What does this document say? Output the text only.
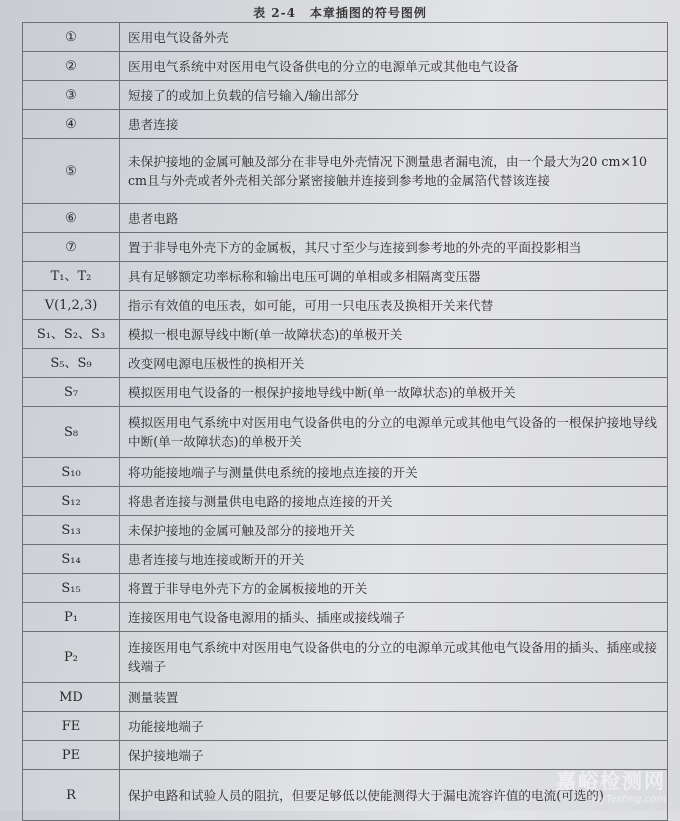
表 2-4 本章插图的符号图例
①	医用电气设备外壳
②	医用电气系统中对医用电气设备供电的分立的电源单元或其他电气设备
③	短接了的或加上负载的信号输入/输出部分
④	患者连接
⑤	未保护接地的金属可触及部分在非导电外壳情况下测量患者漏电流，由一个最大为20 cm×10 cm且与外壳或者外壳相关部分紧密接触并连接到参考地的金属箔代替该连接
⑥	患者电路
⑦	置于非导电外壳下方的金属板，其尺寸至少与连接到参考地的外壳的平面投影相当
T₁、T₂	具有足够额定功率标称和输出电压可调的单相或多相隔离变压器
V(1,2,3)	指示有效值的电压表，如可能，可用一只电压表及换相开关来代替
S₁、S₂、S₃	模拟一根电源导线中断(单一故障状态)的单极开关
S₅、S₉	改变网电源电压极性的换相开关
S₇	模拟医用电气设备的一根保护接地导线中断(单一故障状态)的单极开关
S₈	模拟医用电气系统中对医用电气设备供电的分立的电源单元或其他电气设备的一根保护接地导线中断(单一故障状态)的单极开关
S₁₀	将功能接地端子与测量供电系统的接地点连接的开关
S₁₂	将患者连接与测量供电电路的接地点连接的开关
S₁₃	未保护接地的金属可触及部分的接地开关
S₁₄	患者连接与地连接或断开的开关
S₁₅	将置于非导电外壳下方的金属板接地的开关
P₁	连接医用电气设备电源用的插头、插座或接线端子
P₂	连接医用电气系统中对医用电气设备供电的分立的电源单元或其他电气设备用的插头、插座或接线端子
MD	测量装置
FE	功能接地端子
PE	保护接地端子
R	保护电路和试验人员的阻抗，但要足够低以使能测得大于漏电流容许值的电流(可选的)
嘉峪检测网
AnyTesting.com
